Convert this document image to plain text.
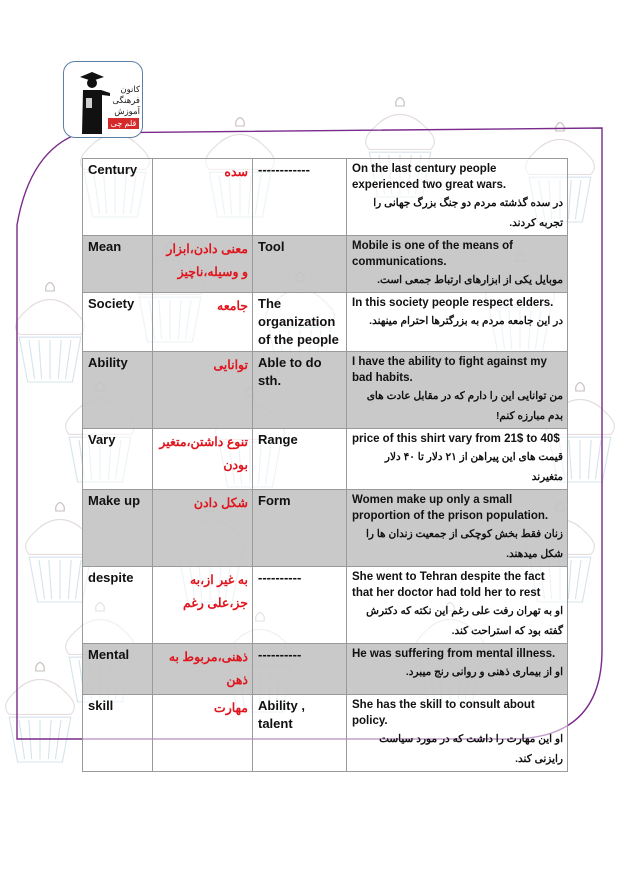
کانون
فرهنگی
آموزش
قلم چی
Century	سده	------------	On the last century people experienced two great wars.
در سده گذشته مردم دو جنگ بزرگ جهانی را تجربه کردند.

Mean	معنی دادن،ابزار و وسیله،ناچیز	Tool	Mobile is one of the means of communications.
موبایل یکی از ابزارهای ارتباط جمعی است.

Society	جامعه	The organization of the people	In this society people respect elders.
در این جامعه مردم به بزرگترها احترام مینهند.

Ability	توانایی	Able to do sth.	I have the ability to fight against my bad habits.
من توانایی این را دارم که در مقابل عادت های بدم مبارزه کنم!

Vary	تنوع داشتن،متغیر بودن	Range	price of this shirt vary from 21$ to 40$
قیمت های این پیراهن از ۲۱ دلار تا ۴۰ دلار متغیرند

Make up	شکل دادن	Form	Women make up only a small proportion of the prison population.
زنان فقط بخش کوچکی از جمعیت زندان ها را شکل میدهند.

despite	به غیر از،به جز،علی رغم	----------	She went to Tehran despite the fact that her doctor had told her to rest
او به تهران رفت علی رغم این نکته که دکترش گفته بود که استراحت کند.

Mental	ذهنی،مربوط به ذهن	----------	He was suffering from mental illness.
او از بیماری ذهنی و روانی رنج میبرد.

skill	مهارت	Ability , talent	She has the skill to consult about policy.
او این مهارت را داشت که در مورد سیاست رایزنی کند.
